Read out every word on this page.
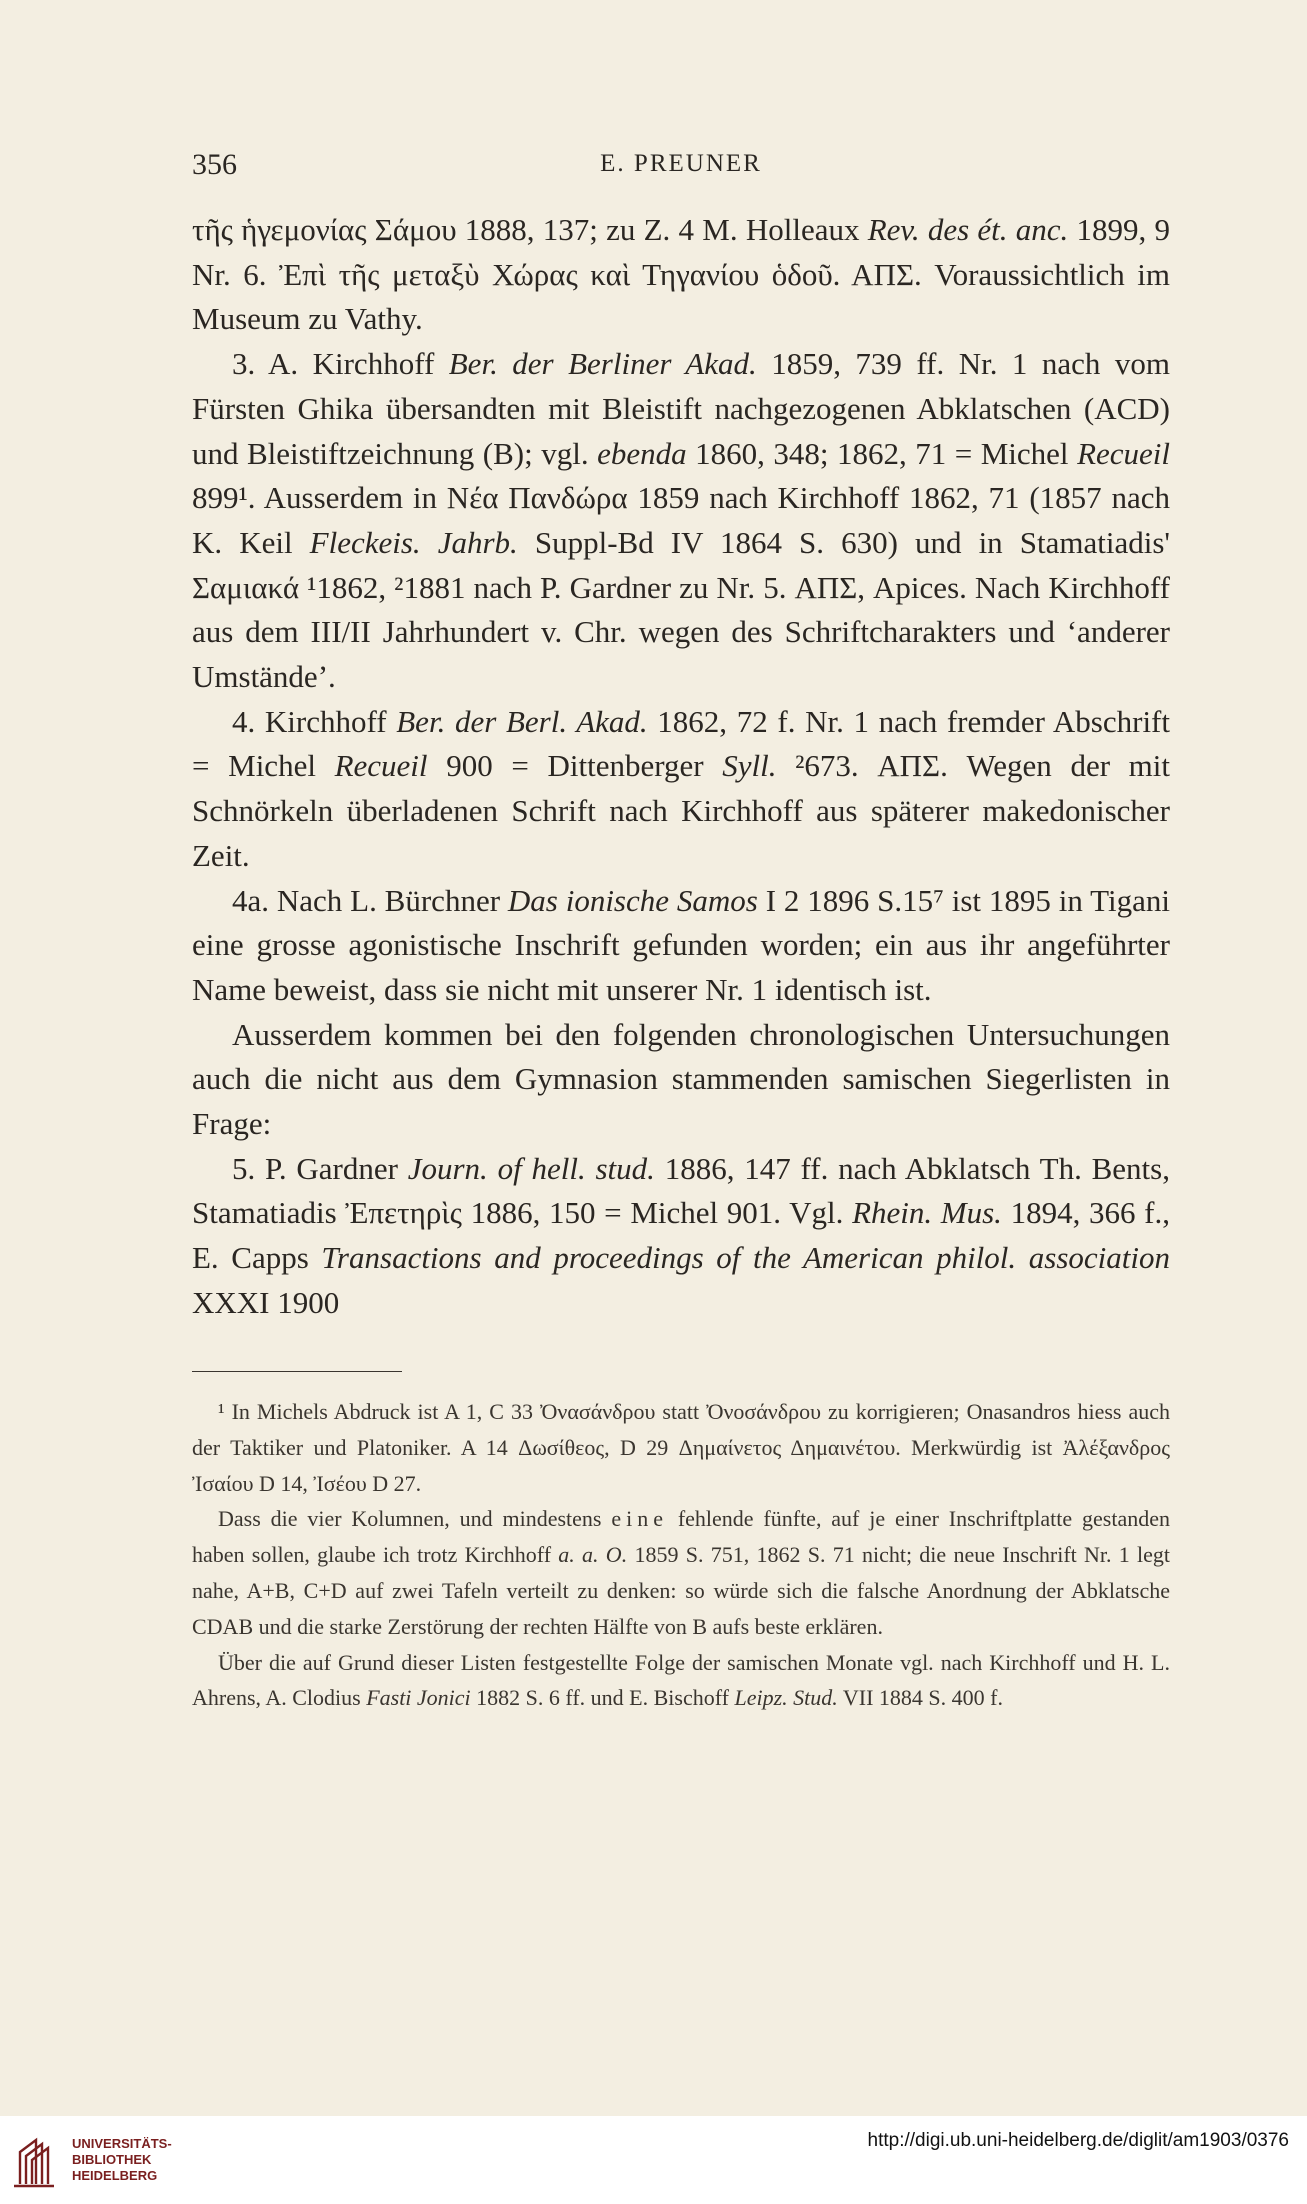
356	E. PREUNER

τῆς ἡγεμονίας Σάμου 1888, 137; zu Z. 4 M. Holleaux Rev. des ét. anc. 1899, 9 Nr. 6. Ἐπὶ τῆς μεταξὺ Χώρας καὶ Τηγανίου ὁδοῦ. ΑΠΣ. Voraussichtlich im Museum zu Vathy.

3. A. Kirchhoff Ber. der Berliner Akad. 1859, 739 ff. Nr. 1 nach vom Fürsten Ghika übersandten mit Bleistift nachgezogenen Abklatschen (ACD) und Bleistiftzeichnung (B); vgl. ebenda 1860, 348; 1862, 71 = Michel Recueil 899¹. Ausserdem in Νέα Πανδώρα 1859 nach Kirchhoff 1862, 71 (1857 nach K. Keil Fleckeis. Jahrb. Suppl-Bd IV 1864 S. 630) und in Stamatiadis' Σαμιακά ¹1862, ²1881 nach P. Gardner zu Nr. 5. ΑΠΣ, Apices. Nach Kirchhoff aus dem III/II Jahrhundert v. Chr. wegen des Schriftcharakters und ʻanderer Umständeʼ.

4. Kirchhoff Ber. der Berl. Akad. 1862, 72 f. Nr. 1 nach fremder Abschrift = Michel Recueil 900 = Dittenberger Syll. ²673. ΑΠΣ. Wegen der mit Schnörkeln überladenen Schrift nach Kirchhoff aus späterer makedonischer Zeit.

4a. Nach L. Bürchner Das ionische Samos I 2 1896 S.15⁷ ist 1895 in Tigani eine grosse agonistische Inschrift gefunden worden; ein aus ihr angeführter Name beweist, dass sie nicht mit unserer Nr. 1 identisch ist.

Ausserdem kommen bei den folgenden chronologischen Untersuchungen auch die nicht aus dem Gymnasion stammenden samischen Siegerlisten in Frage:

5. P. Gardner Journ. of hell. stud. 1886, 147 ff. nach Abklatsch Th. Bents, Stamatiadis Ἐπετηρὶς 1886, 150 = Michel 901. Vgl. Rhein. Mus. 1894, 366 f., E. Capps Transactions and proceedings of the American philol. association XXXI 1900

¹ In Michels Abdruck ist A 1, C 33 Ὀνασάνδρου statt Ὀνοσάνδρου zu korrigieren; Onasandros hiess auch der Taktiker und Platoniker. A 14 Δωσίθεος, D 29 Δημαίνετος Δημαινέτου. Merkwürdig ist Ἀλέξανδρος Ἰσαίου D 14, Ἰσέου D 27.

Dass die vier Kolumnen, und mindestens eine fehlende fünfte, auf je einer Inschriftplatte gestanden haben sollen, glaube ich trotz Kirchhoff a. a. O. 1859 S. 751, 1862 S. 71 nicht; die neue Inschrift Nr. 1 legt nahe, A+B, C+D auf zwei Tafeln verteilt zu denken: so würde sich die falsche Anordnung der Abklatsche CDAB und die starke Zerstörung der rechten Hälfte von B aufs beste erklären.

Über die auf Grund dieser Listen festgestellte Folge der samischen Monate vgl. nach Kirchhoff und H. L. Ahrens, A. Clodius Fasti Jonici 1882 S. 6 ff. und E. Bischoff Leipz. Stud. VII 1884 S. 400 f.

UNIVERSITÄTS-
BIBLIOTHEK
HEIDELBERG
http://digi.ub.uni-heidelberg.de/diglit/am1903/0376
